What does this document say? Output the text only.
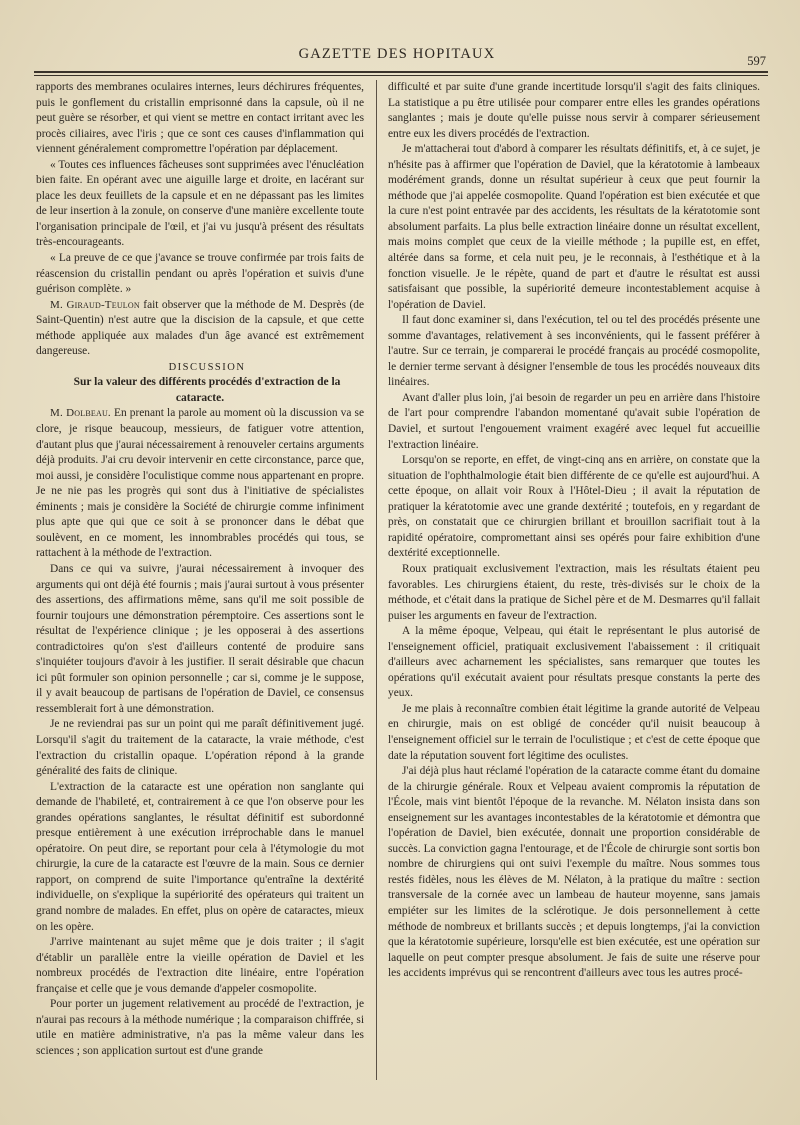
GAZETTE DES HOPITAUX	597

rapports des membranes oculaires internes, leurs déchirures fréquentes, puis le gonflement du cristallin emprisonné dans la capsule, où il ne peut guère se résorber, et qui vient se mettre en contact irritant avec les procès ciliaires, avec l'iris ; que ce sont ces causes d'inflammation qui viennent généralement compromettre l'opération par déplacement.

« Toutes ces influences fâcheuses sont supprimées avec l'énucléation bien faite. En opérant avec une aiguille large et droite, en lacérant sur place les deux feuillets de la capsule et en ne dépassant pas les limites de leur insertion à la zonule, on conserve d'une manière excellente toute l'organisation principale de l'œil, et j'ai vu jusqu'à présent des résultats très-encourageants.

« La preuve de ce que j'avance se trouve confirmée par trois faits de réascension du cristallin pendant ou après l'opération et suivis d'une guérison complète. »

M. Giraud-Teulon fait observer que la méthode de M. Desprès (de Saint-Quentin) n'est autre que la discision de la capsule, et que cette méthode appliquée aux malades d'un âge avancé est extrêmement dangereuse.

DISCUSSION

Sur la valeur des différents procédés d'extraction de la cataracte.

M. Dolbeau. En prenant la parole au moment où la discussion va se clore, je risque beaucoup, messieurs, de fatiguer votre attention, d'autant plus que j'aurai nécessairement à renouveler certains arguments déjà produits. J'ai cru devoir intervenir en cette circonstance, parce que, moi aussi, je considère l'oculistique comme nous appartenant en propre. Je ne nie pas les progrès qui sont dus à l'initiative de spécialistes éminents ; mais je considère la Société de chirurgie comme infiniment plus apte que qui que ce soit à se prononcer dans le débat que soulèvent, en ce moment, les innombrables procédés qui tous, se rattachent à la méthode de l'extraction.

Dans ce qui va suivre, j'aurai nécessairement à invoquer des arguments qui ont déjà été fournis ; mais j'aurai surtout à vous présenter des assertions, des affirmations même, sans qu'il me soit possible de fournir toujours une démonstration péremptoire. Ces assertions sont le résultat de l'expérience clinique ; je les opposerai à des assertions contradictoires qu'on s'est d'ailleurs contenté de produire sans s'inquiéter toujours d'avoir à les justifier. Il serait désirable que chacun ici pût formuler son opinion personnelle ; car si, comme je le suppose, il y avait beaucoup de partisans de l'opération de Daviel, ce consensus ressemblerait fort à une démonstration.

Je ne reviendrai pas sur un point qui me paraît définitivement jugé. Lorsqu'il s'agit du traitement de la cataracte, la vraie méthode, c'est l'extraction du cristallin opaque. L'opération répond à la grande généralité des faits de clinique.

L'extraction de la cataracte est une opération non sanglante qui demande de l'habileté, et, contrairement à ce que l'on observe pour les grandes opérations sanglantes, le résultat définitif est subordonné presque entièrement à une exécution irréprochable dans le manuel opératoire. On peut dire, se reportant pour cela à l'étymologie du mot chirurgie, la cure de la cataracte est l'œuvre de la main. Sous ce dernier rapport, on comprend de suite l'importance qu'entraîne la dextérité individuelle, on s'explique la supériorité des opérateurs qui traitent un grand nombre de malades. En effet, plus on opère de cataractes, mieux on les opère.

J'arrive maintenant au sujet même que je dois traiter ; il s'agit d'établir un parallèle entre la vieille opération de Daviel et les nombreux procédés de l'extraction dite linéaire, entre l'opération française et celle que je vous demande d'appeler cosmopolite.

Pour porter un jugement relativement au procédé de l'extraction, je n'aurai pas recours à la méthode numérique ; la comparaison chiffrée, si utile en matière administrative, n'a pas la même valeur dans les sciences ; son application surtout est d'une grande

difficulté et par suite d'une grande incertitude lorsqu'il s'agit des faits cliniques. La statistique a pu être utilisée pour comparer entre elles les grandes opérations sanglantes ; mais je doute qu'elle puisse nous servir à comparer sérieusement entre eux les divers procédés de l'extraction.

Je m'attacherai tout d'abord à comparer les résultats définitifs, et, à ce sujet, je n'hésite pas à affirmer que l'opération de Daviel, que la kératotomie à lambeaux modérément grands, donne un résultat supérieur à ceux que peut fournir la méthode que j'ai appelée cosmopolite. Quand l'opération est bien exécutée et que la cure n'est point entravée par des accidents, les résultats de la kératotomie sont absolument parfaits. La plus belle extraction linéaire donne un résultat excellent, mais moins complet que ceux de la vieille méthode ; la pupille est, en effet, altérée dans sa forme, et cela nuit peu, je le reconnais, à l'esthétique et à la fonction visuelle. Je le répète, quand de part et d'autre le résultat est aussi satisfaisant que possible, la supériorité demeure incontestablement acquise à l'opération de Daviel.

Il faut donc examiner si, dans l'exécution, tel ou tel des procédés présente une somme d'avantages, relativement à ses inconvénients, qui le fassent préférer à l'autre. Sur ce terrain, je comparerai le procédé français au procédé cosmopolite, le dernier terme servant à désigner l'ensemble de tous les procédés nouveaux dits linéaires.

Avant d'aller plus loin, j'ai besoin de regarder un peu en arrière dans l'histoire de l'art pour comprendre l'abandon momentané qu'avait subie l'opération de Daviel, et surtout l'engouement vraiment exagéré avec lequel fut accueillie l'extraction linéaire.

Lorsqu'on se reporte, en effet, de vingt-cinq ans en arrière, on constate que la situation de l'ophthalmologie était bien différente de ce qu'elle est aujourd'hui. A cette époque, on allait voir Roux à l'Hôtel-Dieu ; il avait la réputation de pratiquer la kératotomie avec une grande dextérité ; toutefois, en y regardant de près, on constatait que ce chirurgien brillant et brouillon sacrifiait tout à la rapidité opératoire, compromettant ainsi ses opérés pour faire exhibition d'une dextérité exceptionnelle.

Roux pratiquait exclusivement l'extraction, mais les résultats étaient peu favorables. Les chirurgiens étaient, du reste, très-divisés sur le choix de la méthode, et c'était dans la pratique de Sichel père et de M. Desmarres qu'il fallait puiser les arguments en faveur de l'extraction.

A la même époque, Velpeau, qui était le représentant le plus autorisé de l'enseignement officiel, pratiquait exclusivement l'abaissement : il critiquait d'ailleurs avec acharnement les spécialistes, sans remarquer que toutes les opérations qu'il exécutait avaient pour résultats presque constants la perte des yeux.

Je me plais à reconnaître combien était légitime la grande autorité de Velpeau en chirurgie, mais on est obligé de concéder qu'il nuisit beaucoup à l'enseignement officiel sur le terrain de l'oculistique ; et c'est de cette époque que date la réputation souvent fort légitime des oculistes.

J'ai déjà plus haut réclamé l'opération de la cataracte comme étant du domaine de la chirurgie générale. Roux et Velpeau avaient compromis la réputation de l'École, mais vint bientôt l'époque de la revanche. M. Nélaton insista dans son enseignement sur les avantages incontestables de la kératotomie et démontra que l'opération de Daviel, bien exécutée, donnait une proportion considérable de succès. La conviction gagna l'entourage, et de l'École de chirurgie sont sortis bon nombre de chirurgiens qui ont suivi l'exemple du maître. Nous sommes tous restés fidèles, nous les élèves de M. Nélaton, à la pratique du maître : section transversale de la cornée avec un lambeau de hauteur moyenne, sans jamais empiéter sur les limites de la sclérotique. Je dois personnellement à cette méthode de nombreux et brillants succès ; et depuis longtemps, j'ai la conviction que la kératotomie supérieure, lorsqu'elle est bien exécutée, est une opération sur laquelle on peut compter presque absolument. Je fais de suite une réserve pour les accidents imprévus qui se rencontrent d'ailleurs avec tous les autres procé-
